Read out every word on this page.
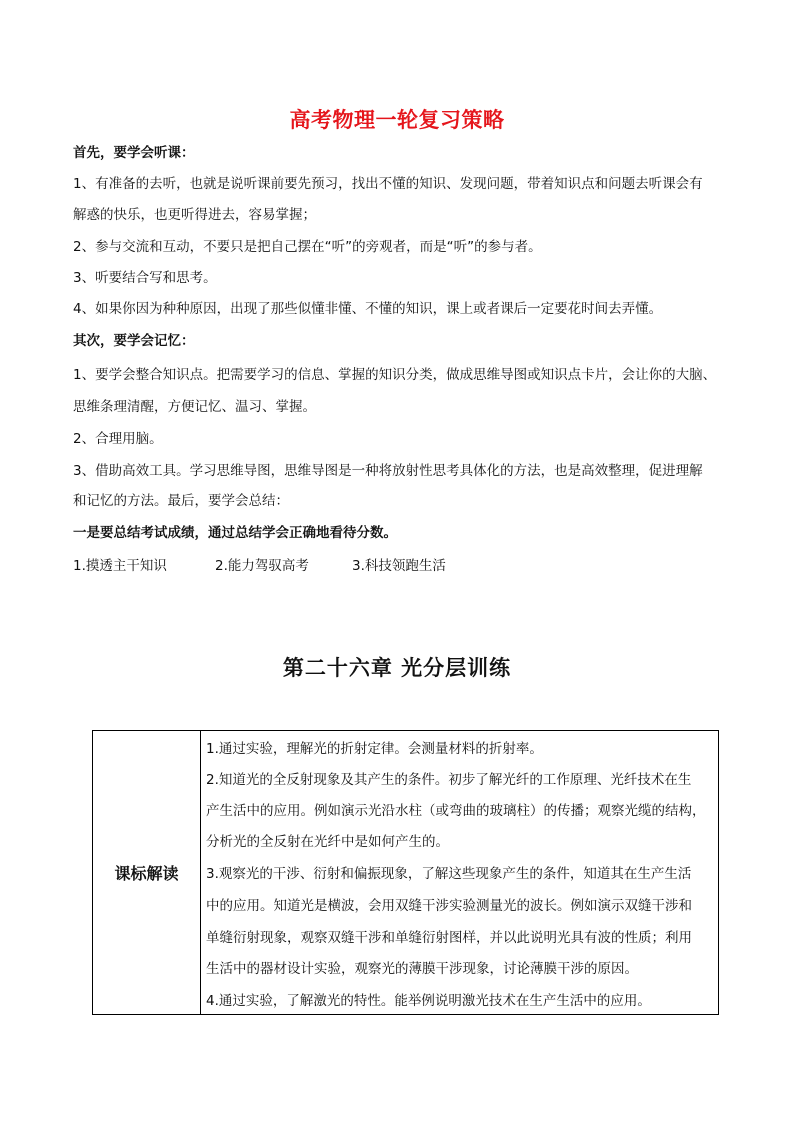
高考物理一轮复习策略
首先，要学会听课：
1、有准备的去听，也就是说听课前要先预习，找出不懂的知识、发现问题，带着知识点和问题去听课会有
解惑的快乐，也更听得进去，容易掌握；
2、参与交流和互动，不要只是把自己摆在“听”的旁观者，而是“听”的参与者。
3、听要结合写和思考。
4、如果你因为种种原因，出现了那些似懂非懂、不懂的知识，课上或者课后一定要花时间去弄懂。
其次，要学会记忆：
1、要学会整合知识点。把需要学习的信息、掌握的知识分类，做成思维导图或知识点卡片，会让你的大脑、
思维条理清醒，方便记忆、温习、掌握。
2、合理用脑。
3、借助高效工具。学习思维导图，思维导图是一种将放射性思考具体化的方法，也是高效整理，促进理解
和记忆的方法。最后，要学会总结：
一是要总结考试成绩，通过总结学会正确地看待分数。
1.摸透主干知识	2.能力驾驭高考	3.科技领跑生活
第二十六章 光分层训练
课标解读
1.通过实验，理解光的折射定律。会测量材料的折射率。
2.知道光的全反射现象及其产生的条件。初步了解光纤的工作原理、光纤技术在生
产生活中的应用。例如演示光沿水柱（或弯曲的玻璃柱）的传播；观察光缆的结构，
分析光的全反射在光纤中是如何产生的。
3.观察光的干涉、衍射和偏振现象，了解这些现象产生的条件，知道其在生产生活
中的应用。知道光是横波，会用双缝干涉实验测量光的波长。例如演示双缝干涉和
单缝衍射现象，观察双缝干涉和单缝衍射图样，并以此说明光具有波的性质；利用
生活中的器材设计实验，观察光的薄膜干涉现象，讨论薄膜干涉的原因。
4.通过实验，了解激光的特性。能举例说明激光技术在生产生活中的应用。
